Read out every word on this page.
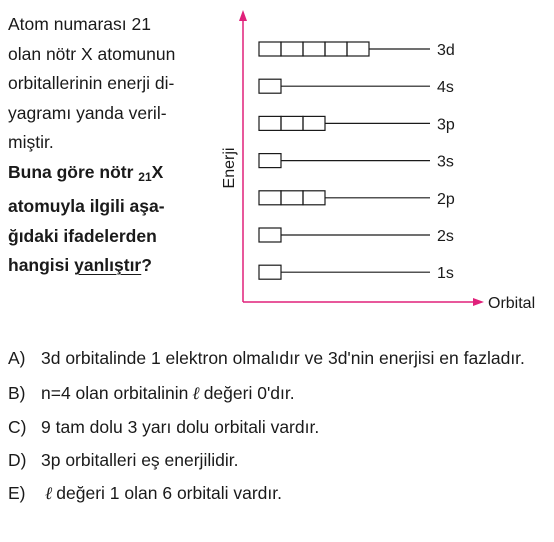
Atom numarası 21
olan nötr X atomunun
orbitallerinin enerji di-
yagramı yanda veril-
miştir.
Buna göre nötr $_{21}$X
atomuyla ilgili aşa-
ğıdaki ifadelerden
hangisi yanlıştır?
Enerji
Orbital
3d
4s
3p
3s
2p
2s
1s
A) 3d orbitalinde 1 elektron olmalıdır ve 3d'nin enerjisi en fazladır.
B) n=4 olan orbitalinin ℓ değeri 0'dır.
C) 9 tam dolu 3 yarı dolu orbitali vardır.
D) 3p orbitalleri eş enerjilidir.
E) ℓ değeri 1 olan 6 orbitali vardır.
